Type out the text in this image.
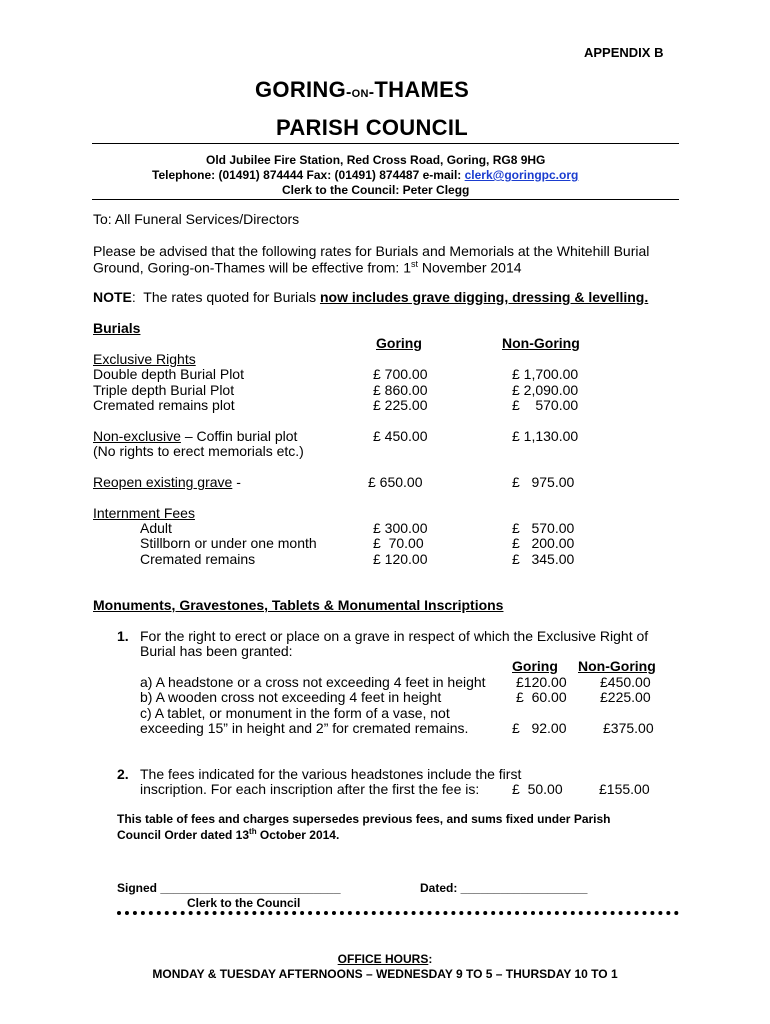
APPENDIX B
GORING-on-THAMES
PARISH COUNCIL
Old Jubilee Fire Station, Red Cross Road, Goring, RG8 9HG
Telephone: (01491) 874444 Fax: (01491) 874487 e-mail: clerk@goringpc.org
Clerk to the Council: Peter Clegg
To: All Funeral Services/Directors
Please be advised that the following rates for Burials and Memorials at the Whitehill Burial
Ground, Goring-on-Thames will be effective from: 1st November 2014
NOTE:  The rates quoted for Burials now includes grave digging, dressing & levelling.
Burials
Goring	Non-Goring
Exclusive Rights
Double depth Burial Plot	£ 700.00	£ 1,700.00
Triple depth Burial Plot	£ 860.00	£ 2,090.00
Cremated remains plot	£ 225.00	£    570.00
Non-exclusive – Coffin burial plot	£ 450.00	£ 1,130.00
(No rights to erect memorials etc.)
Reopen existing grave -	£ 650.00	£   975.00
Internment Fees
Adult	£ 300.00	£   570.00
Stillborn or under one month	£  70.00	£   200.00
Cremated remains	£ 120.00	£   345.00
Monuments, Gravestones, Tablets & Monumental Inscriptions
1. For the right to erect or place on a grave in respect of which the Exclusive Right of
Burial has been granted:
Goring Non-Goring
a) A headstone or a cross not exceeding 4 feet in height £120.00 £450.00
b) A wooden cross not exceeding 4 feet in height	£  60.00 £225.00
c) A tablet, or monument in the form of a vase, not
exceeding 15” in height and 2” for cremated remains.	£   92.00	£375.00
2. The fees indicated for the various headstones include the first
inscription. For each inscription after the first the fee is: £  50.00	£155.00
This table of fees and charges supersedes previous fees, and sums fixed under Parish
Council Order dated 13th October 2014.
Signed ___________________________	Dated: ___________________
Clerk to the Council
OFFICE HOURS:
MONDAY & TUESDAY AFTERNOONS – WEDNESDAY 9 TO 5 – THURSDAY 10 TO 1
